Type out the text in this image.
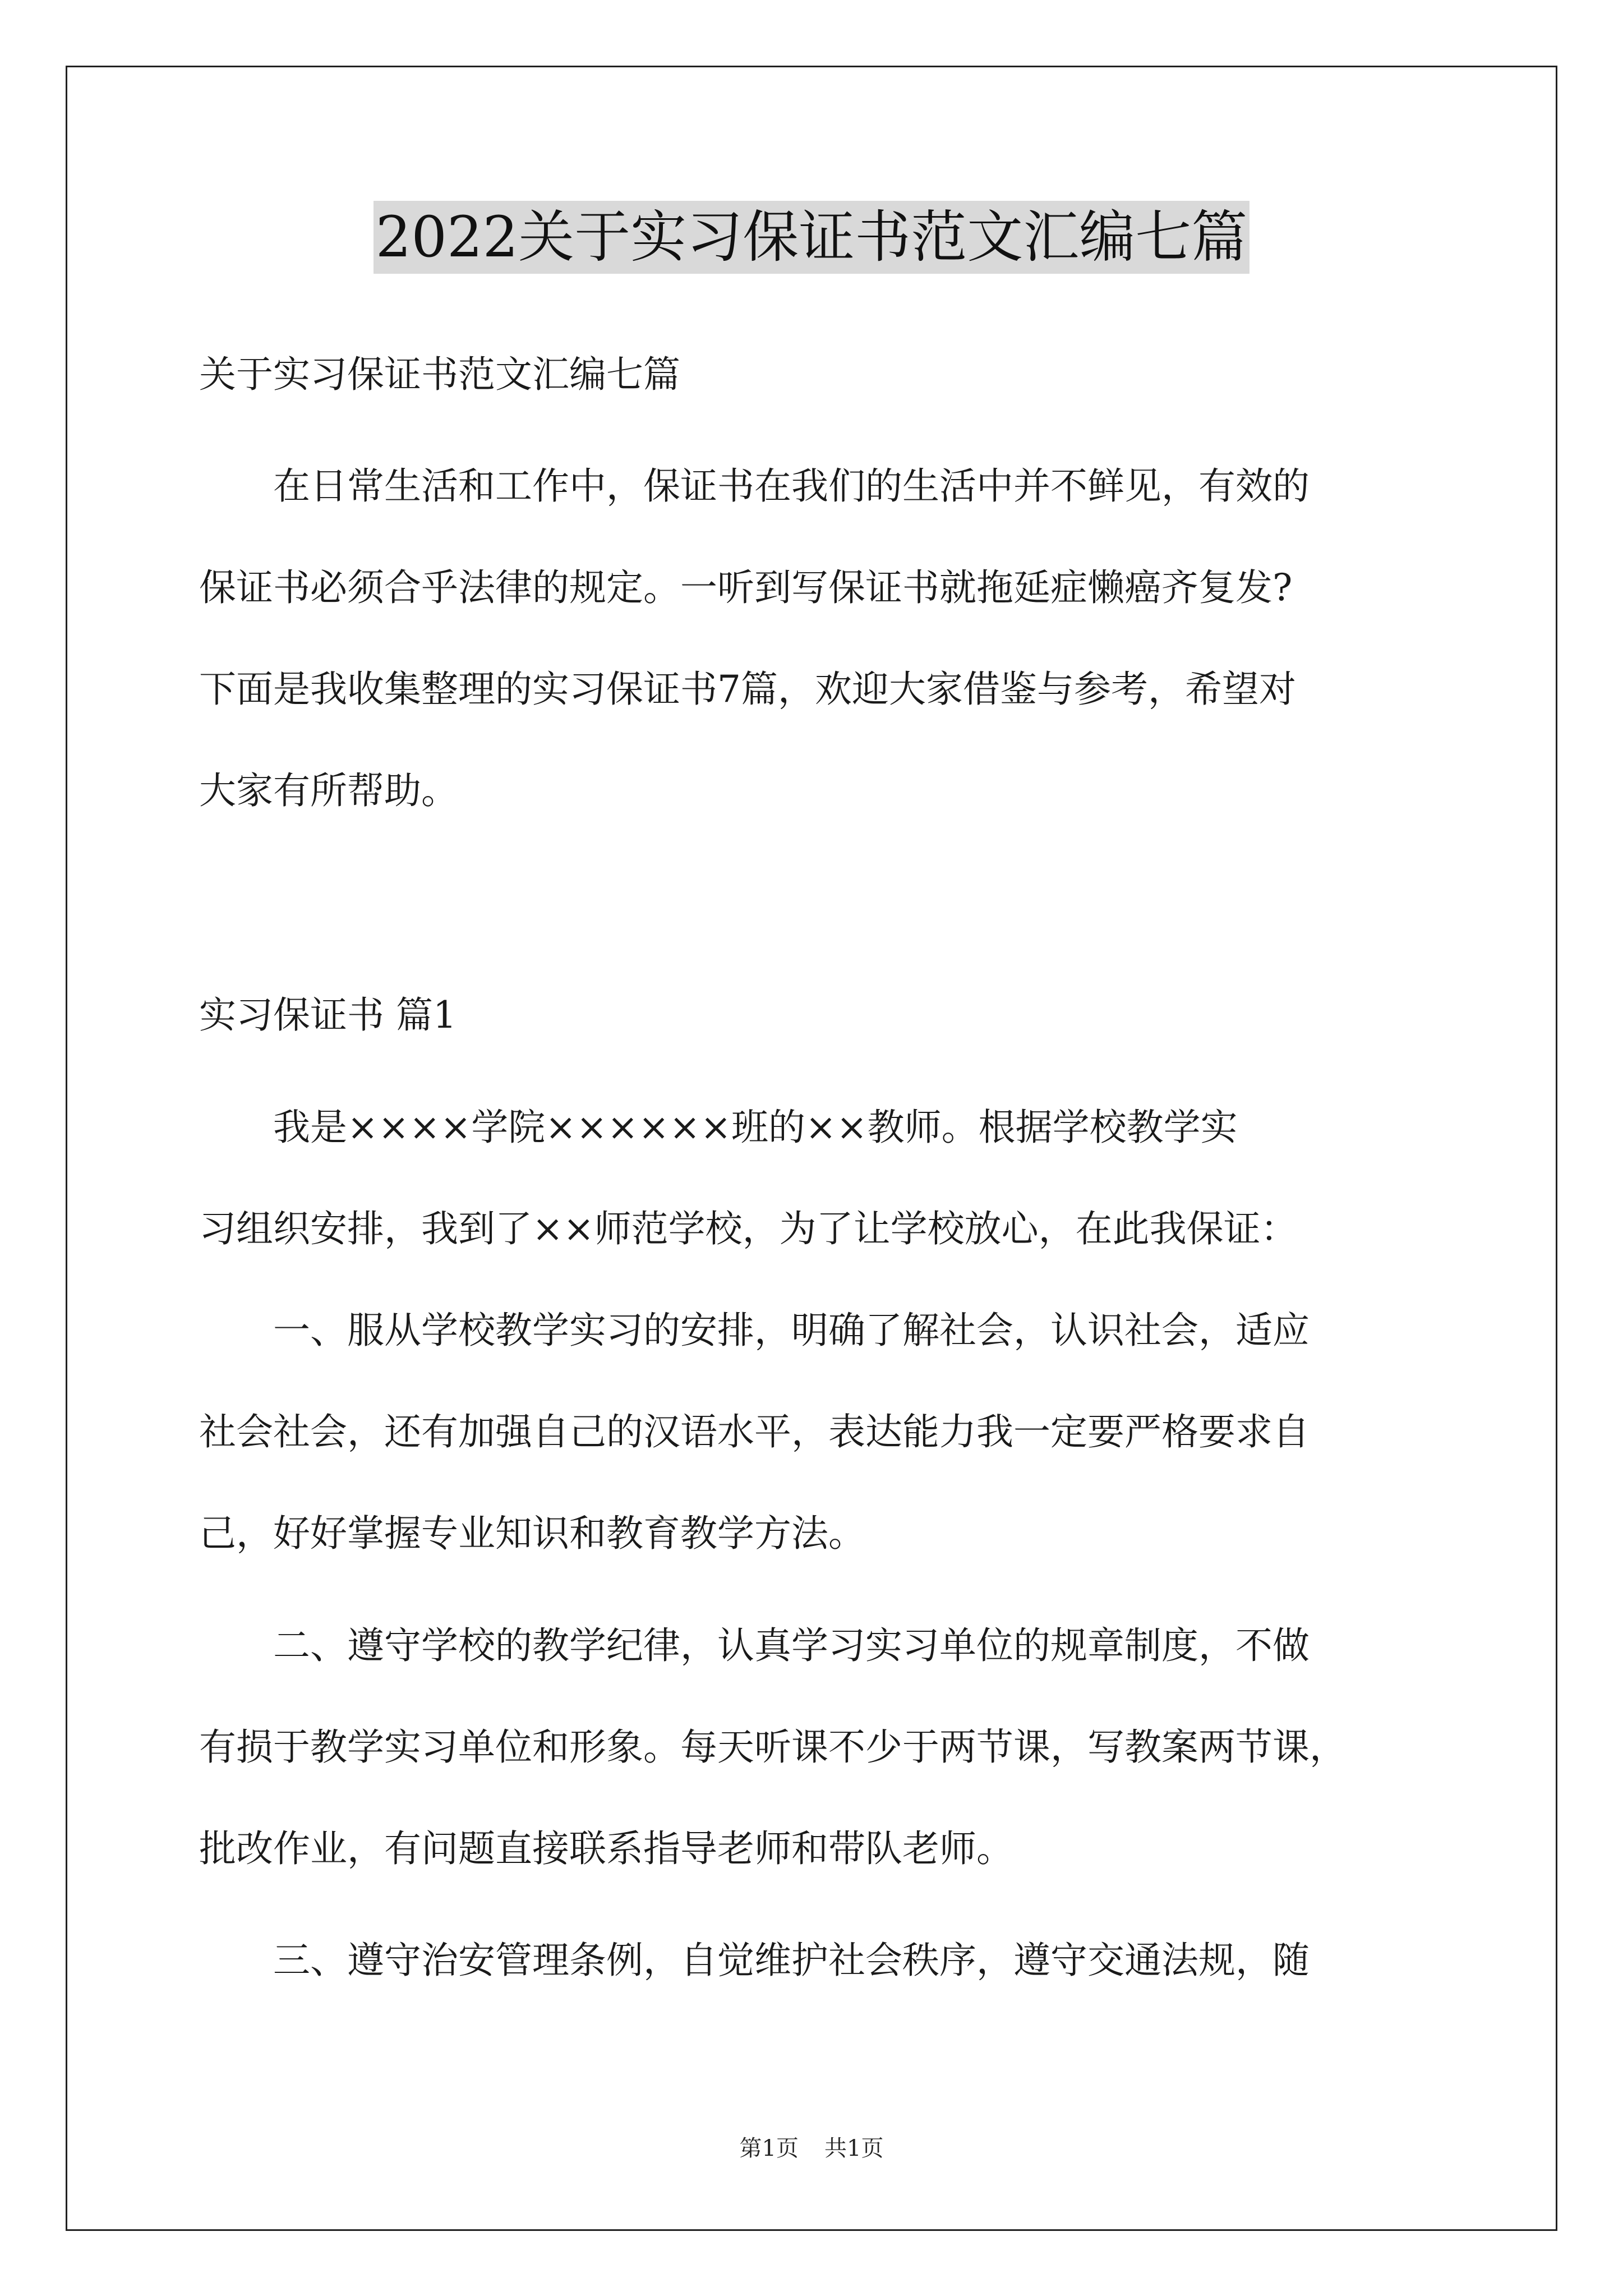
2022关于实习保证书范文汇编七篇
关于实习保证书范文汇编七篇
　　在日常生活和工作中，保证书在我们的生活中并不鲜见，有效的
保证书必须合乎法律的规定。一听到写保证书就拖延症懒癌齐复发?
下面是我收集整理的实习保证书7篇，欢迎大家借鉴与参考，希望对
大家有所帮助。
实习保证书 篇1
　　我是××××学院××××××班的××教师。根据学校教学实
习组织安排，我到了××师范学校，为了让学校放心，在此我保证：
　　一、服从学校教学实习的安排，明确了解社会，认识社会，适应
社会社会，还有加强自己的汉语水平，表达能力我一定要严格要求自
己，好好掌握专业知识和教育教学方法。
　　二、遵守学校的教学纪律，认真学习实习单位的规章制度，不做
有损于教学实习单位和形象。每天听课不少于两节课，写教案两节课，
批改作业，有问题直接联系指导老师和带队老师。
　　三、遵守治安管理条例，自觉维护社会秩序，遵守交通法规，随
第1页 共1页
